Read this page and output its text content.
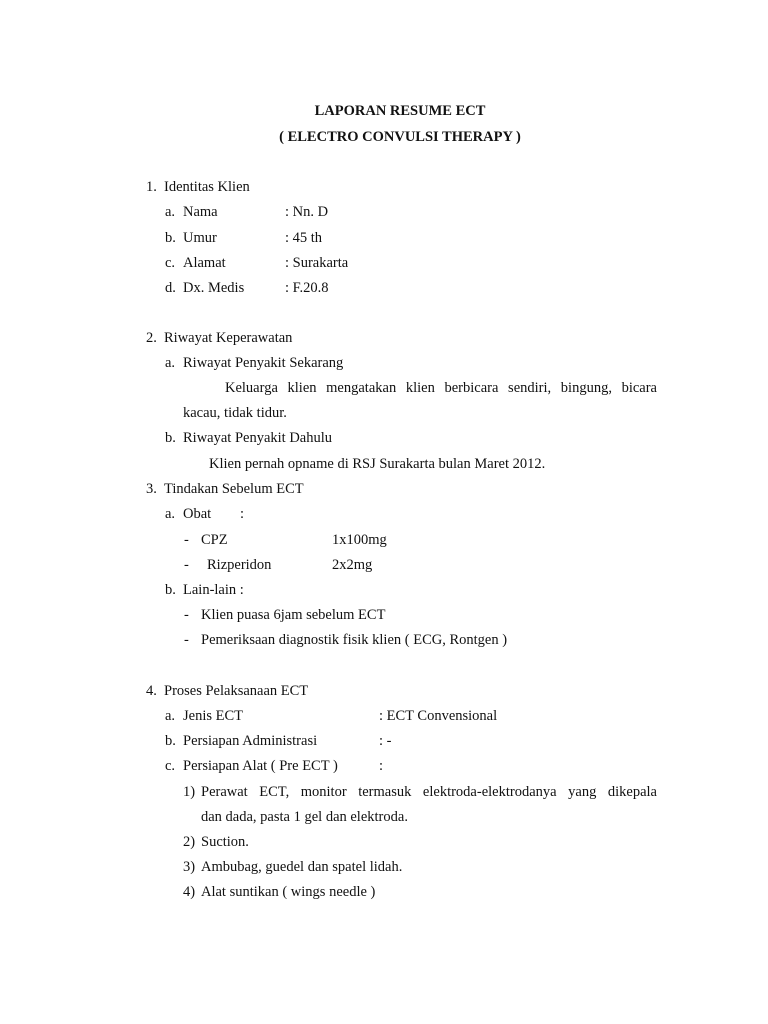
LAPORAN RESUME ECT
( ELECTRO CONVULSI THERAPY )
1. Identitas Klien
a. Nama	: Nn. D
b. Umur	: 45 th
c. Alamat	: Surakarta
d. Dx. Medis	: F.20.8
2. Riwayat Keperawatan
a. Riwayat Penyakit Sekarang
Keluarga klien mengatakan klien berbicara sendiri, bingung, bicara
kacau, tidak tidur.
b. Riwayat Penyakit Dahulu
Klien pernah opname di RSJ Surakarta bulan Maret 2012.
3. Tindakan Sebelum ECT
a. Obat :
- CPZ	1x100mg
- Rizperidon	2x2mg
b. Lain-lain :
- Klien puasa 6jam sebelum ECT
- Pemeriksaan diagnostik fisik klien ( ECG, Rontgen )
4. Proses Pelaksanaan ECT
a. Jenis ECT	: ECT Convensional
b. Persiapan Administrasi	: -
c. Persiapan Alat ( Pre ECT )	:
1) Perawat ECT, monitor termasuk elektroda-elektrodanya yang dikepala
dan dada, pasta 1 gel dan elektroda.
2) Suction.
3) Ambubag, guedel dan spatel lidah.
4) Alat suntikan ( wings needle )
